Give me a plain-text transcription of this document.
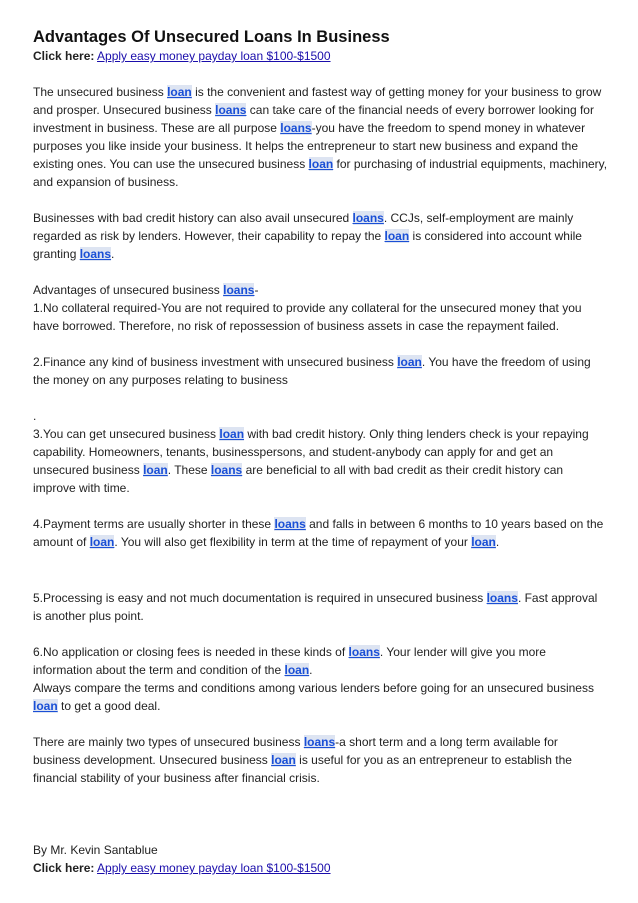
Advantages Of Unsecured Loans In Business
Click here: Apply easy money payday loan $100-$1500

The unsecured business loan is the convenient and fastest way of getting money for your business to grow and prosper. Unsecured business loans can take care of the financial needs of every borrower looking for investment in business. These are all purpose loans-you have the freedom to spend money in whatever purposes you like inside your business. It helps the entrepreneur to start new business and expand the existing ones. You can use the unsecured business loan for purchasing of industrial equipments, machinery, and expansion of business.

Businesses with bad credit history can also avail unsecured loans. CCJs, self-employment are mainly regarded as risk by lenders. However, their capability to repay the loan is considered into account while granting loans.

Advantages of unsecured business loans-

1.No collateral required-You are not required to provide any collateral for the unsecured money that you have borrowed. Therefore, no risk of repossession of business assets in case the repayment failed.

2.Finance any kind of business investment with unsecured business loan. You have the freedom of using the money on any purposes relating to business

.

3.You can get unsecured business loan with bad credit history. Only thing lenders check is your repaying capability. Homeowners, tenants, businesspersons, and student-anybody can apply for and get an unsecured business loan. These loans are beneficial to all with bad credit as their credit history can improve with time.

4.Payment terms are usually shorter in these loans and falls in between 6 months to 10 years based on the amount of loan. You will also get flexibility in term at the time of repayment of your loan.

5.Processing is easy and not much documentation is required in unsecured business loans. Fast approval is another plus point.

6.No application or closing fees is needed in these kinds of loans. Your lender will give you more information about the term and condition of the loan.

Always compare the terms and conditions among various lenders before going for an unsecured business loan to get a good deal.

There are mainly two types of unsecured business loans-a short term and a long term available for business development. Unsecured business loan is useful for you as an entrepreneur to establish the financial stability of your business after financial crisis.

By Mr. Kevin Santablue

Click here: Apply easy money payday loan $100-$1500
